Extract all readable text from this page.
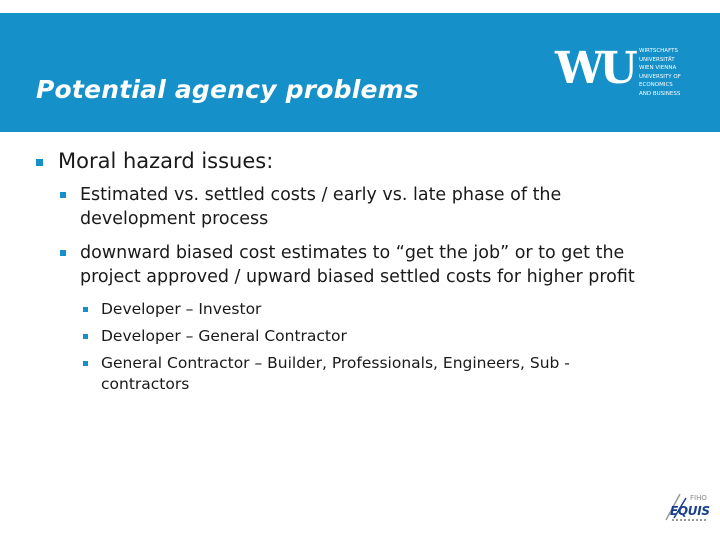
Potential agency problems	WU WIRTSCHAFTS
UNIVERSITÄT
WIEN VIENNA
UNIVERSITY OF
ECONOMICS
AND BUSINESS
Moral hazard issues:
Estimated vs. settled costs / early vs. late phase of the development process
downward biased cost estimates to “get the job” or to get the project approved / upward biased settled costs for higher profit
Developer – Investor
Developer – General Contractor
General Contractor – Builder, Professionals, Engineers, Sub -contractors
FIHO
EQUIS
